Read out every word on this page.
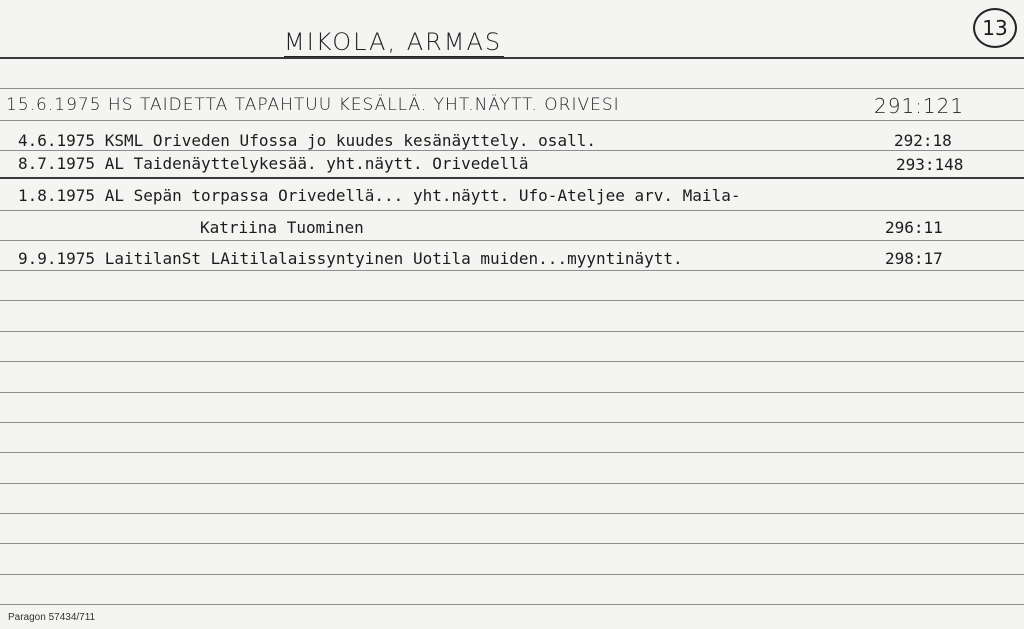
13
MIKOLA, ARMAS
15.6.1975 HS TAIDETTA TAPAHTUU KESÄLLÄ. YHT.NÄYTT. ORIVESI	291:121
4.6.1975 KSML Oriveden Ufossa jo kuudes kesänäyttely. osall.	292:18
8.7.1975 AL Taidenäyttelykesää. yht.näytt. Orivedellä	293:148
1.8.1975 AL Sepän torpassa Orivedellä... yht.näytt. Ufo-Ateljee arv. Maila-
Katriina Tuominen	296:11
9.9.1975 LaitilanSt LAitilalaissyntyinen Uotila muiden...myyntinäytt.	298:17
Paragon 57434/711
